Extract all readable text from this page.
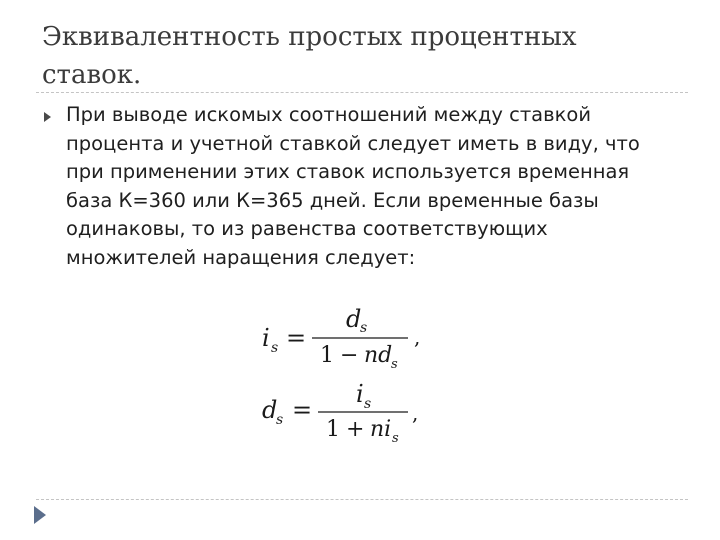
Эквивалентность простых процентных ставок.

При выводе искомых соотношений между ставкой процента и учетной ставкой следует иметь в виду, что при применении этих ставок используется временная база К=360 или К=365 дней. Если временные базы одинаковы, то из равенства соответствующих множителей наращения следует:

i s =
d
s
1 − nd
s
,
d
s =
i s
1 + ni s
,
